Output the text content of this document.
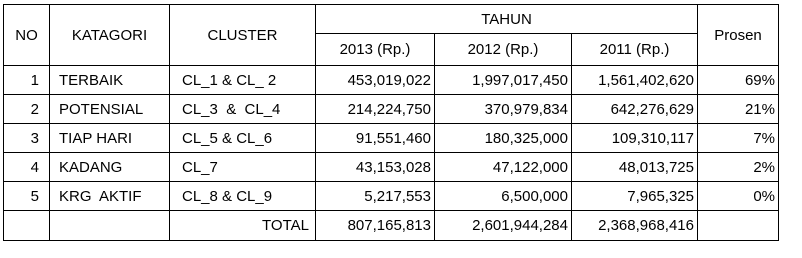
NO	KATAGORI	CLUSTER	TAHUN			Prosen
			2013 (Rp.)	2012 (Rp.)	2011 (Rp.)	
1	TERBAIK	CL_1 & CL_ 2	453,019,022	1,997,017,450	1,561,402,620	69%
2	POTENSIAL	CL_3  &  CL_4	214,224,750	370,979,834	642,276,629	21%
3	TIAP HARI	CL_5 & CL_6	91,551,460	180,325,000	109,310,117	7%
4	KADANG	CL_7	43,153,028	47,122,000	48,013,725	2%
5	KRG  AKTIF	CL_8 & CL_9	5,217,553	6,500,000	7,965,325	0%
		TOTAL	807,165,813	2,601,944,284	2,368,968,416	
